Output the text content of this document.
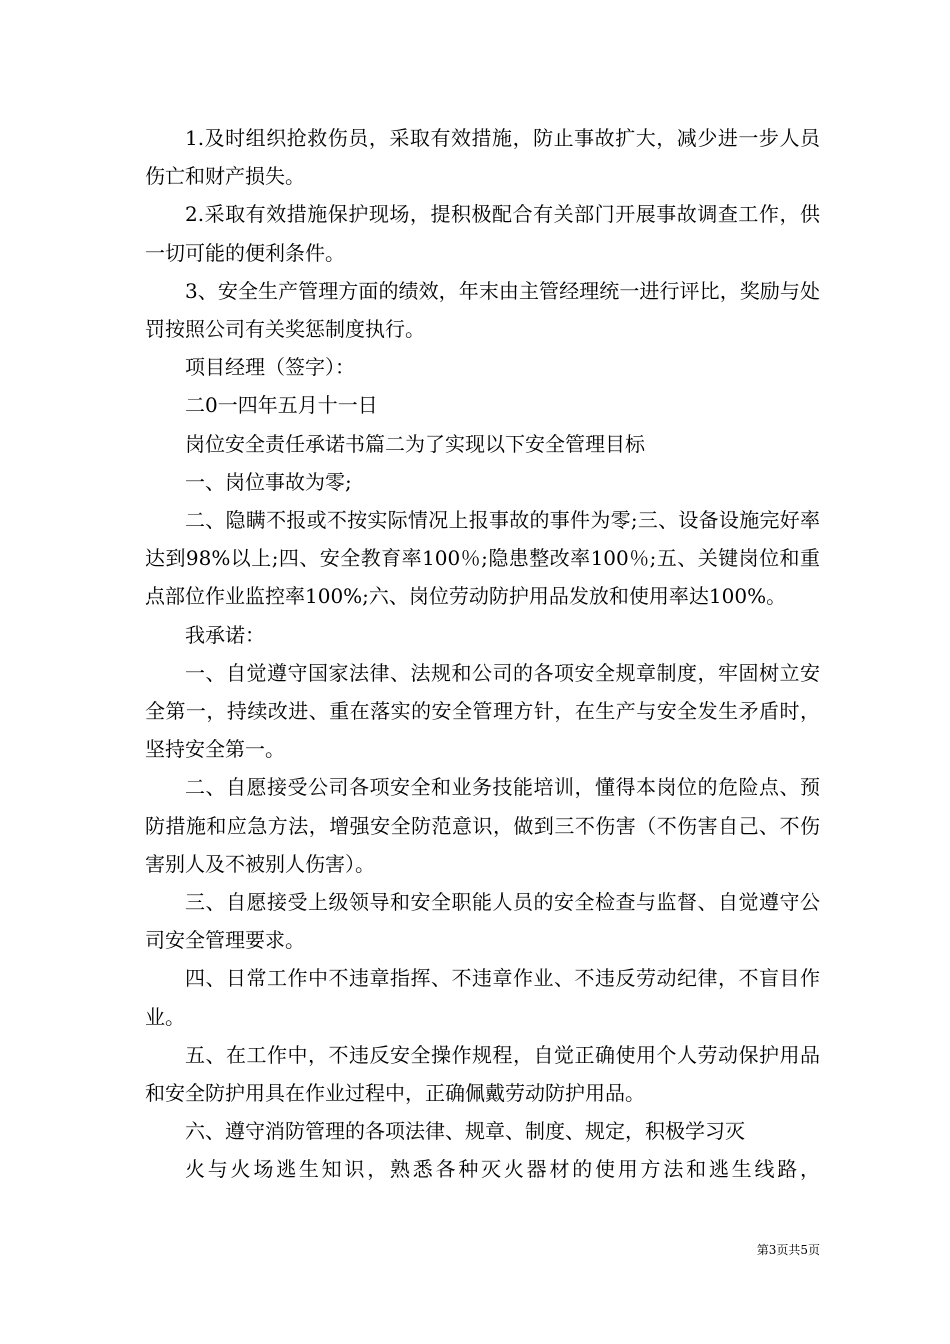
1.及时组织抢救伤员，采取有效措施，防止事故扩大，减少进一步人员伤亡和财产损失。

2.采取有效措施保护现场，提积极配合有关部门开展事故调查工作，供一切可能的便利条件。

3、安全生产管理方面的绩效，年末由主管经理统一进行评比，奖励与处罚按照公司有关奖惩制度执行。

项目经理（签字）：

二0一四年五月十一日

岗位安全责任承诺书篇二为了实现以下安全管理目标

一、岗位事故为零;

二、隐瞒不报或不按实际情况上报事故的事件为零;三、设备设施完好率达到98%以上;四、安全教育率100％;隐患整改率100％;五、关键岗位和重点部位作业监控率100%;六、岗位劳动防护用品发放和使用率达100%。

我承诺：

一、自觉遵守国家法律、法规和公司的各项安全规章制度，牢固树立安全第一，持续改进、重在落实的安全管理方针，在生产与安全发生矛盾时，坚持安全第一。

二、自愿接受公司各项安全和业务技能培训，懂得本岗位的危险点、预防措施和应急方法，增强安全防范意识，做到三不伤害（不伤害自己、不伤害别人及不被别人伤害）。

三、自愿接受上级领导和安全职能人员的安全检查与监督、自觉遵守公司安全管理要求。

四、日常工作中不违章指挥、不违章作业、不违反劳动纪律，不盲目作业。

五、在工作中，不违反安全操作规程，自觉正确使用个人劳动保护用品和安全防护用具在作业过程中，正确佩戴劳动防护用品。

六、遵守消防管理的各项法律、规章、制度、规定，积极学习灭

火与火场逃生知识，熟悉各种灭火器材的使用方法和逃生线路，

第3页共5页
